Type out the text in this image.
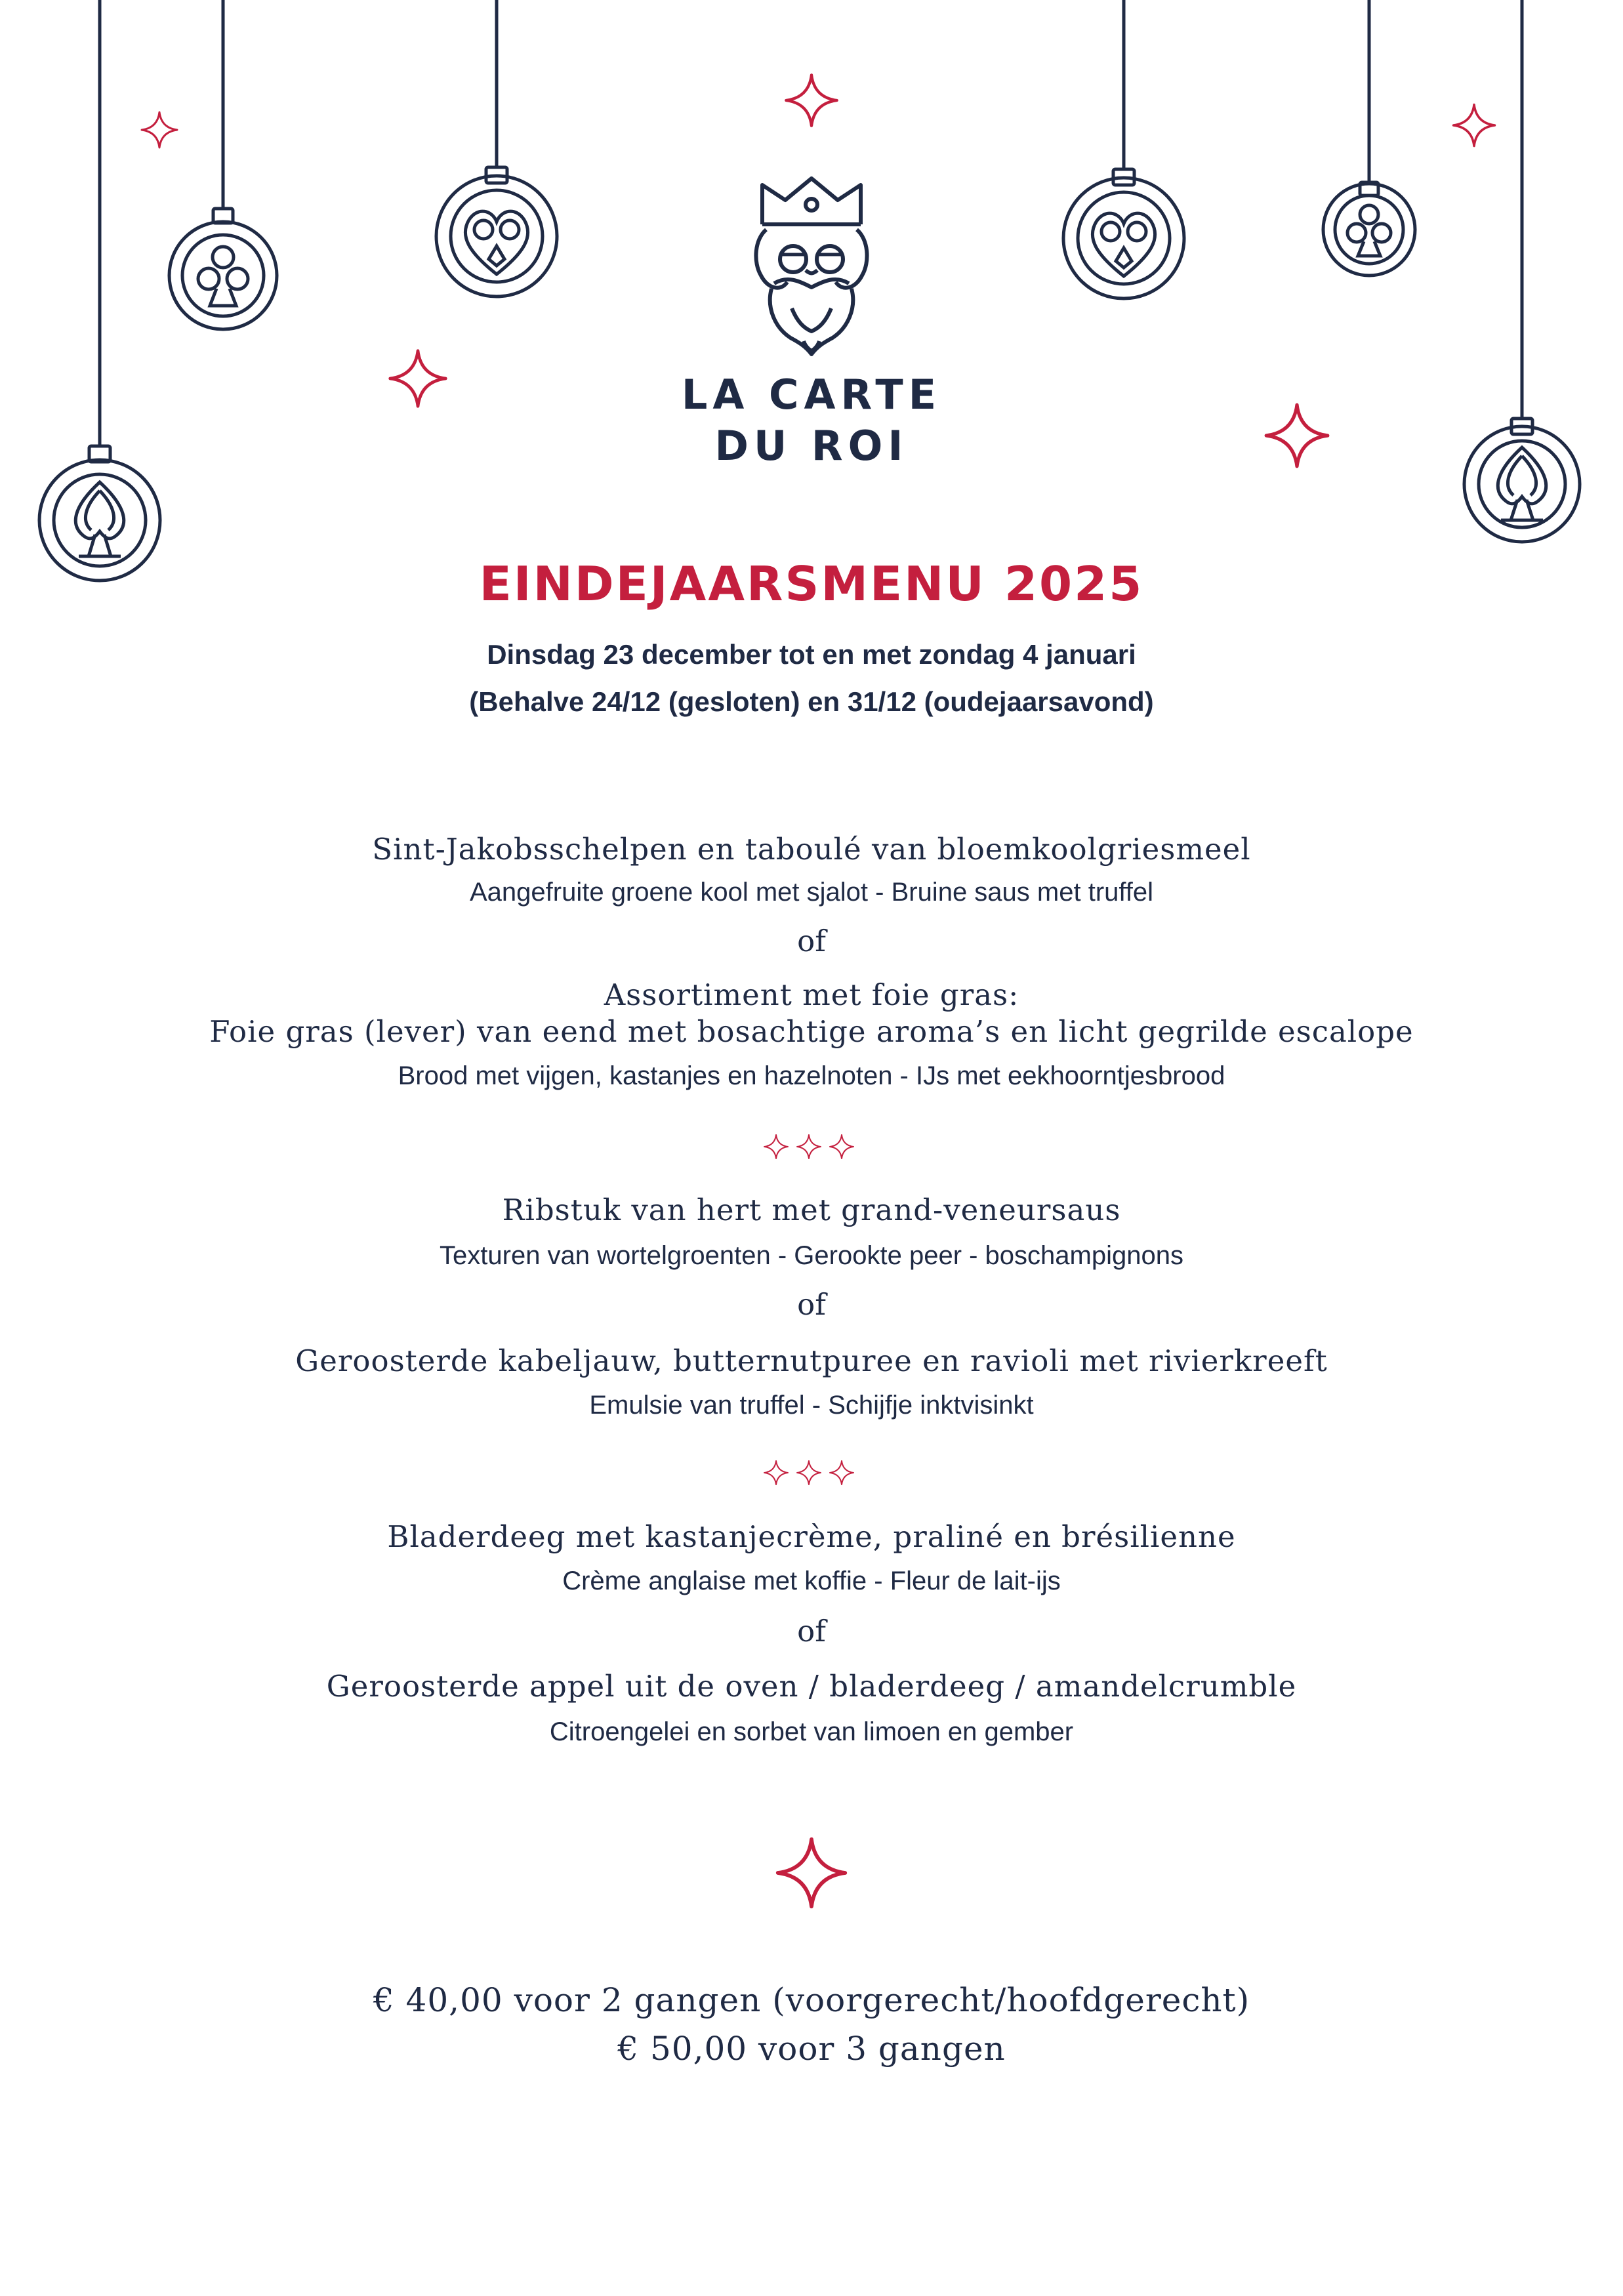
LA CARTE
DU ROI
EINDEJAARSMENU 2025
Dinsdag 23 december tot en met zondag 4 januari
(Behalve 24/12 (gesloten) en 31/12 (oudejaarsavond)
Sint-Jakobsschelpen en taboulé van bloemkoolgriesmeel
Aangefruite groene kool met sjalot - Bruine saus met truffel
of
Assortiment met foie gras:
Foie gras (lever) van eend met bosachtige aroma’s en licht gegrilde escalope
Brood met vijgen, kastanjes en hazelnoten - IJs met eekhoorntjesbrood
Ribstuk van hert met grand-veneursaus
Texturen van wortelgroenten - Gerookte peer - boschampignons
of
Geroosterde kabeljauw, butternutpuree en ravioli met rivierkreeft
Emulsie van truffel - Schijfje inktvisinkt
Bladerdeeg met kastanjecrème, praliné en brésilienne
Crème anglaise met koffie - Fleur de lait-ijs
of
Geroosterde appel uit de oven / bladerdeeg / amandelcrumble
Citroengelei en sorbet van limoen en gember
€ 40,00 voor 2 gangen (voorgerecht/hoofdgerecht)
€ 50,00 voor 3 gangen
